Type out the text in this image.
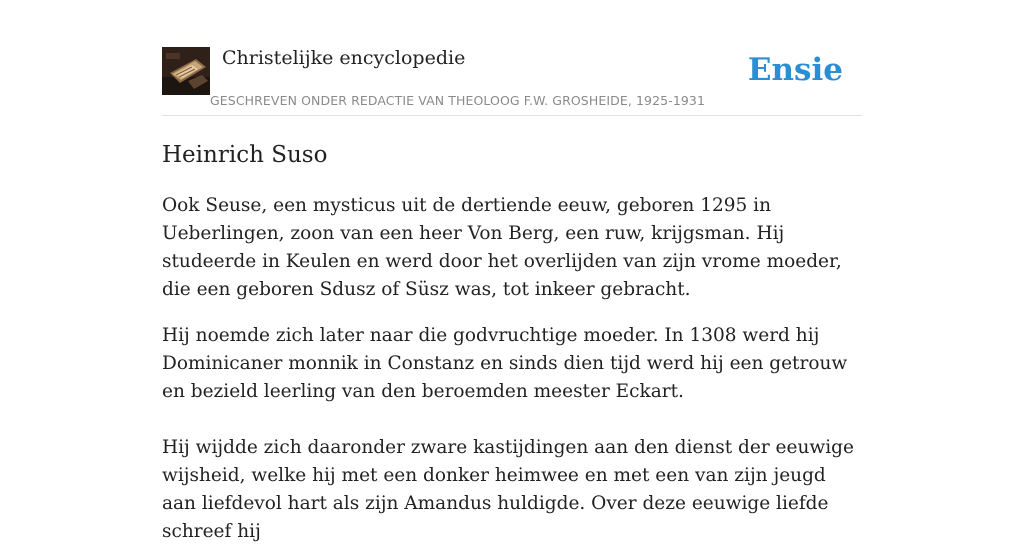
Christelijke encyclopedie
GESCHREVEN ONDER REDACTIE VAN THEOLOOG F.W. GROSHEIDE, 1925-1931
Ensie
Heinrich Suso

Ook Seuse, een mysticus uit de dertiende eeuw, geboren 1295 in Ueberlingen, zoon van een heer Von Berg, een ruw, krijgsman. Hij studeerde in Keulen en werd door het overlijden van zijn vrome moeder, die een geboren Sdusz of Süsz was, tot inkeer gebracht.

Hij noemde zich later naar die godvruchtige moeder. In 1308 werd hij Dominicaner monnik in Constanz en sinds dien tijd werd hij een getrouw en bezield leerling van den beroemden meester Eckart.

Hij wijdde zich daaronder zware kastijdingen aan den dienst der eeuwige wijsheid, welke hij met een donker heimwee en met een van zijn jeugd aan liefdevol hart als zijn Amandus huldigde. Over deze eeuwige liefde schreef hij
